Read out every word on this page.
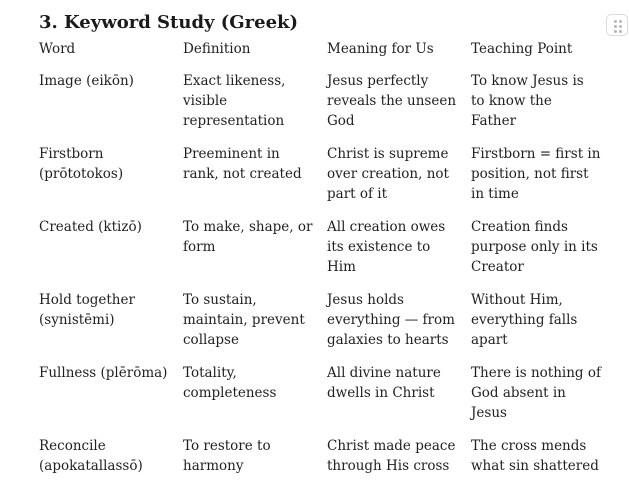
3. Keyword Study (Greek)
Word	Definition	Meaning for Us	Teaching Point
Image (eikōn)	Exact likeness, visible representation	Jesus perfectly reveals the unseen God	To know Jesus is to know the Father
Firstborn (prōtotokos)	Preeminent in rank, not created	Christ is supreme over creation, not part of it	Firstborn = first in position, not first in time
Created (ktizō)	To make, shape, or form	All creation owes its existence to Him	Creation finds purpose only in its Creator
Hold together (synistēmi)	To sustain, maintain, prevent collapse	Jesus holds everything — from galaxies to hearts	Without Him, everything falls apart
Fullness (plērōma)	Totality, completeness	All divine nature dwells in Christ	There is nothing of God absent in Jesus
Reconcile (apokatallassō)	To restore to harmony	Christ made peace through His cross	The cross mends what sin shattered
